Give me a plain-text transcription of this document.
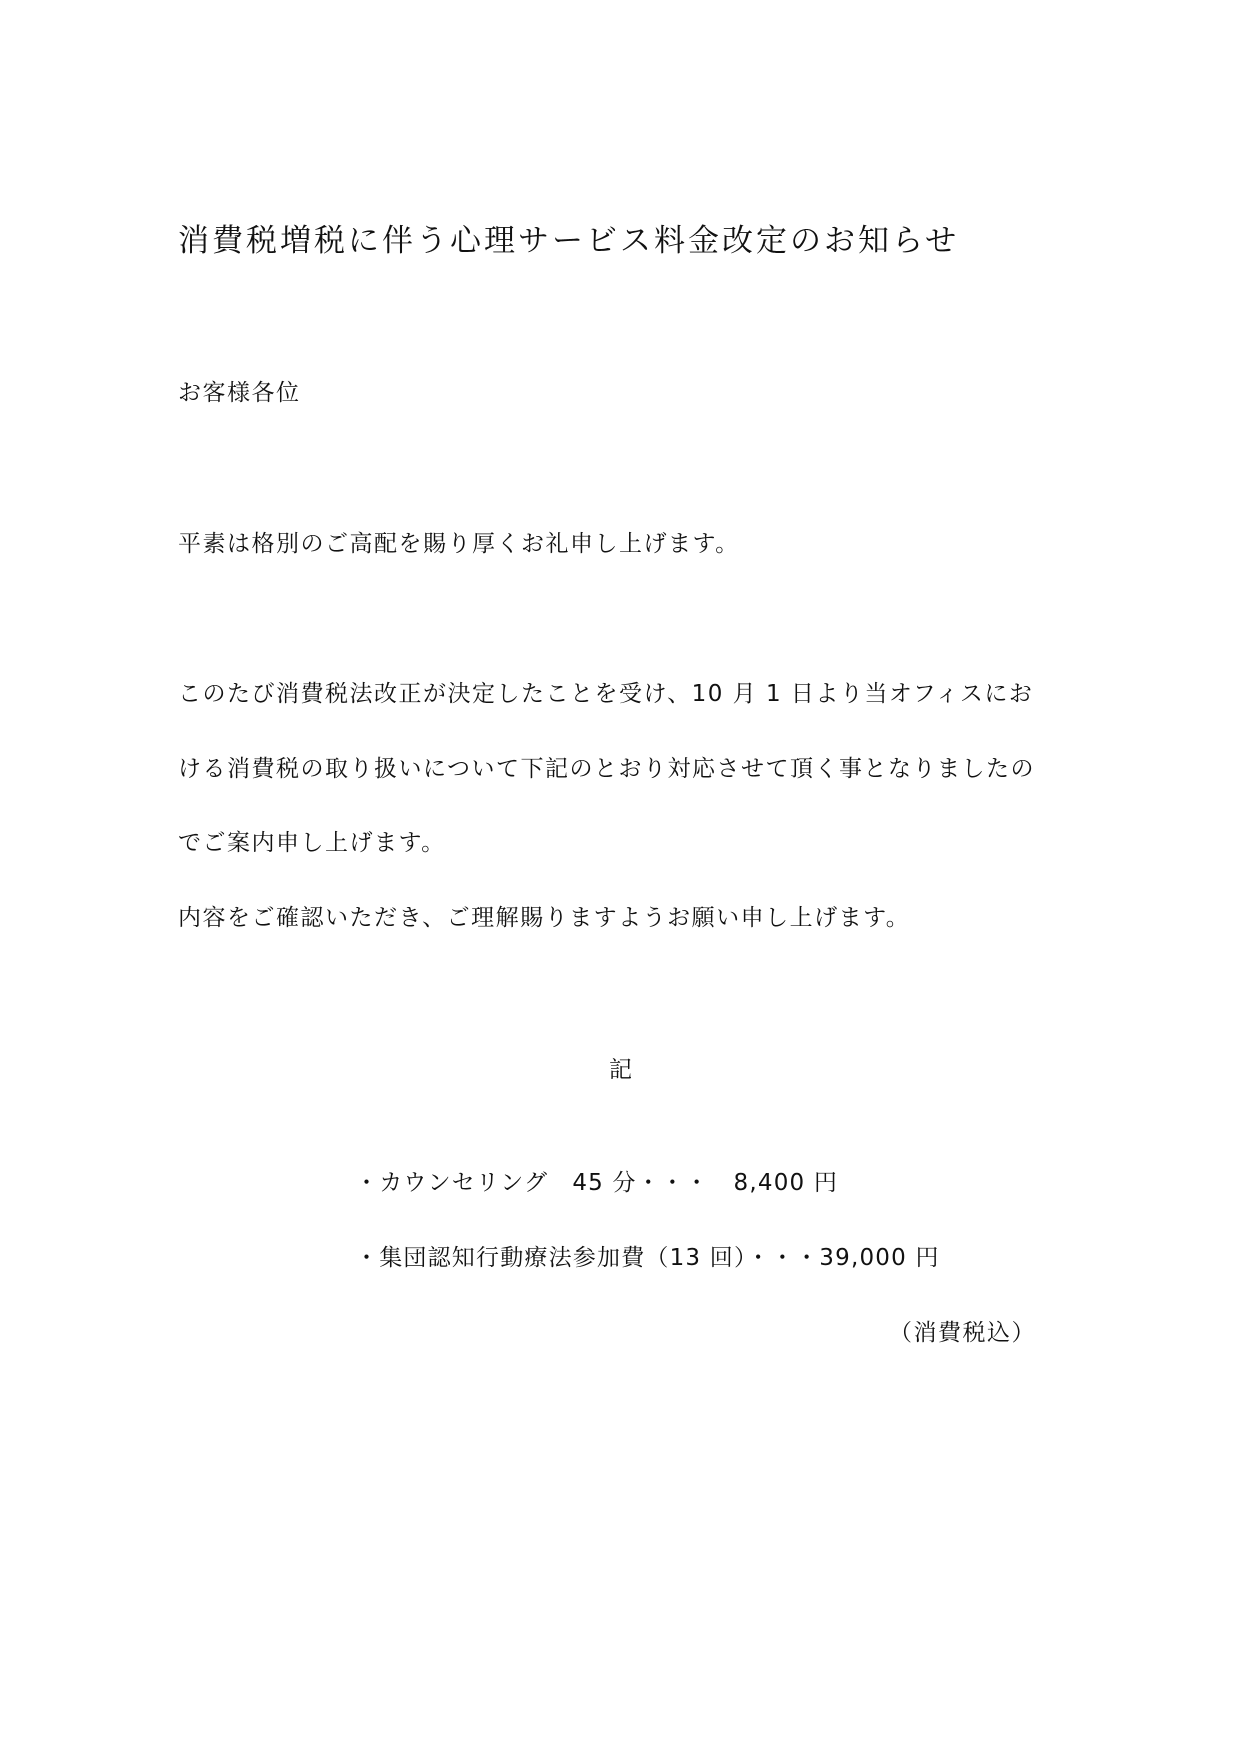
消費税増税に伴う心理サービス料金改定のお知らせ

お客様各位

平素は格別のご高配を賜り厚くお礼申し上げます。

このたび消費税法改正が決定したことを受け、10 月 1 日より当オフィスにお

ける消費税の取り扱いについて下記のとおり対応させて頂く事となりましたの

でご案内申し上げます。

内容をご確認いただき、ご理解賜りますようお願い申し上げます。

記

・カウンセリング　45 分・・・　8,400 円

・集団認知行動療法参加費（13 回）・・・39,000 円

（消費税込）
